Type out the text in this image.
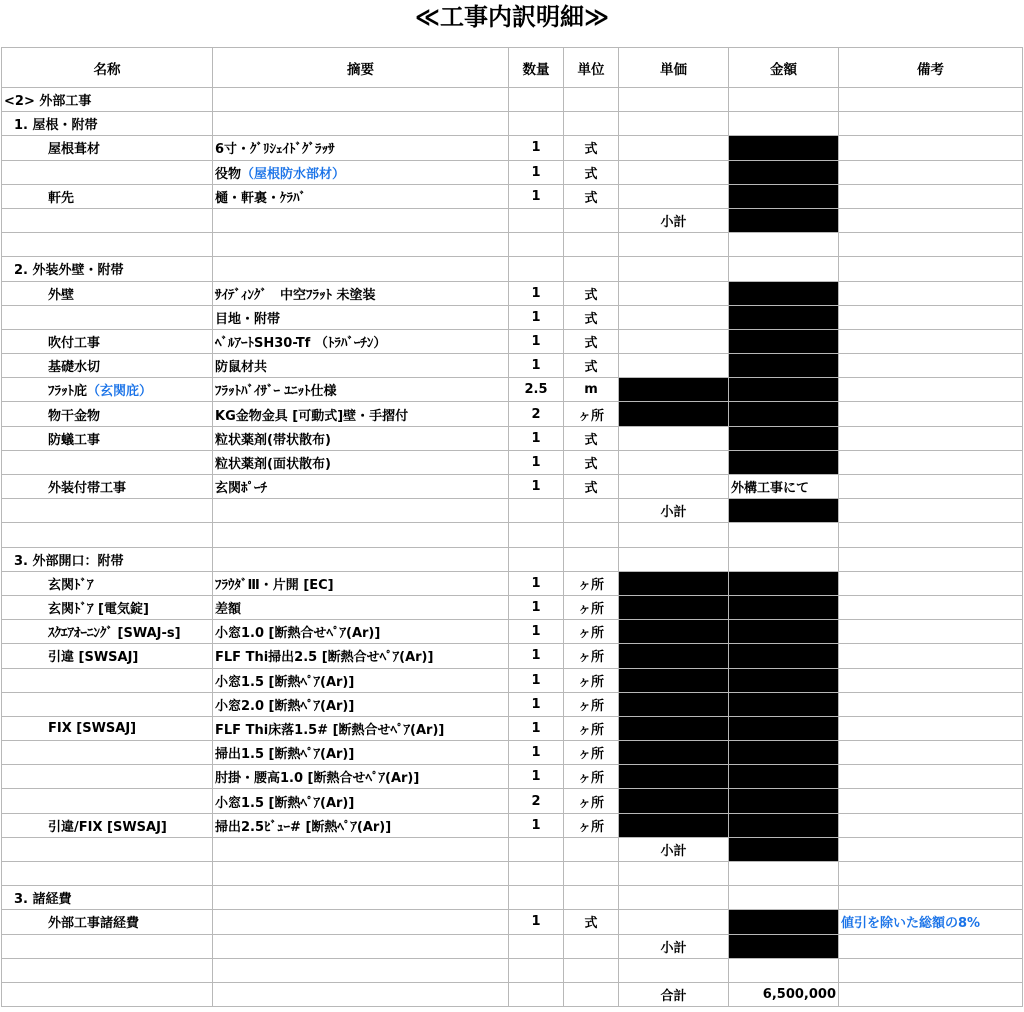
≪工事内訳明細≫
名称	摘要	数量	単位	単価	金額	備考
<2> 外部工事						
1. 屋根・附帯						
屋根葺材	6寸・ｸﾞﾘｼｪｲﾄﾞｸﾞﾗｯｻ	1	式			
	役物（屋根防水部材）	1	式			
軒先	樋・軒裏・ｹﾗﾊﾞ	1	式			
				小計		

2. 外装外壁・附帯						
外壁	ｻｲﾃﾞｨﾝｸﾞ　中空ﾌﾗｯﾄ 未塗装	1	式			
	目地・附帯	1	式			
吹付工事	ﾍﾞﾙｱｰﾄSH30-Tf （ﾄﾗﾊﾞｰﾁﾝ）	1	式			
基礎水切	防鼠材共	1	式			
ﾌﾗｯﾄ庇（玄関庇）	ﾌﾗｯﾄﾊﾞｲｻﾞｰ ﾕﾆｯﾄ仕様	2.5	m			
物干金物	KG金物金具 [可動式]壁・手摺付	2	ヶ所			
防蟻工事	粒状薬剤(帯状散布)	1	式			
	粒状薬剤(面状散布)	1	式			
外装付帯工事	玄関ﾎﾟｰﾁ	1	式		外構工事にて	
				小計		

3. 外部開口：附帯						
玄関ﾄﾞｱ	ﾌﾗｳﾀﾞⅢ・片開 [EC]	1	ヶ所			
玄関ﾄﾞｱ [電気錠]	差額	1	ヶ所			
ｽｸｴｱｵｰﾆﾝｸﾞ [SWAJ-s]	小窓1.0 [断熱合せﾍﾟｱ(Ar)]	1	ヶ所			
引違 [SWSAJ]	FLF Thi掃出2.5 [断熱合せﾍﾟｱ(Ar)]	1	ヶ所			
	小窓1.5 [断熱ﾍﾟｱ(Ar)]	1	ヶ所			
	小窓2.0 [断熱ﾍﾟｱ(Ar)]	1	ヶ所			
FIX [SWSAJ]	FLF Thi床落1.5# [断熱合せﾍﾟｱ(Ar)]	1	ヶ所			
	掃出1.5 [断熱ﾍﾟｱ(Ar)]	1	ヶ所			
	肘掛・腰高1.0 [断熱合せﾍﾟｱ(Ar)]	1	ヶ所			
	小窓1.5 [断熱ﾍﾟｱ(Ar)]	2	ヶ所			
引違/FIX [SWSAJ]	掃出2.5ﾋﾞｭｰ# [断熱ﾍﾟｱ(Ar)]	1	ヶ所			
				小計		

3. 諸経費						
外部工事諸経費		1	式			値引を除いた総額の8%
				小計		

				合計	6,500,000	
